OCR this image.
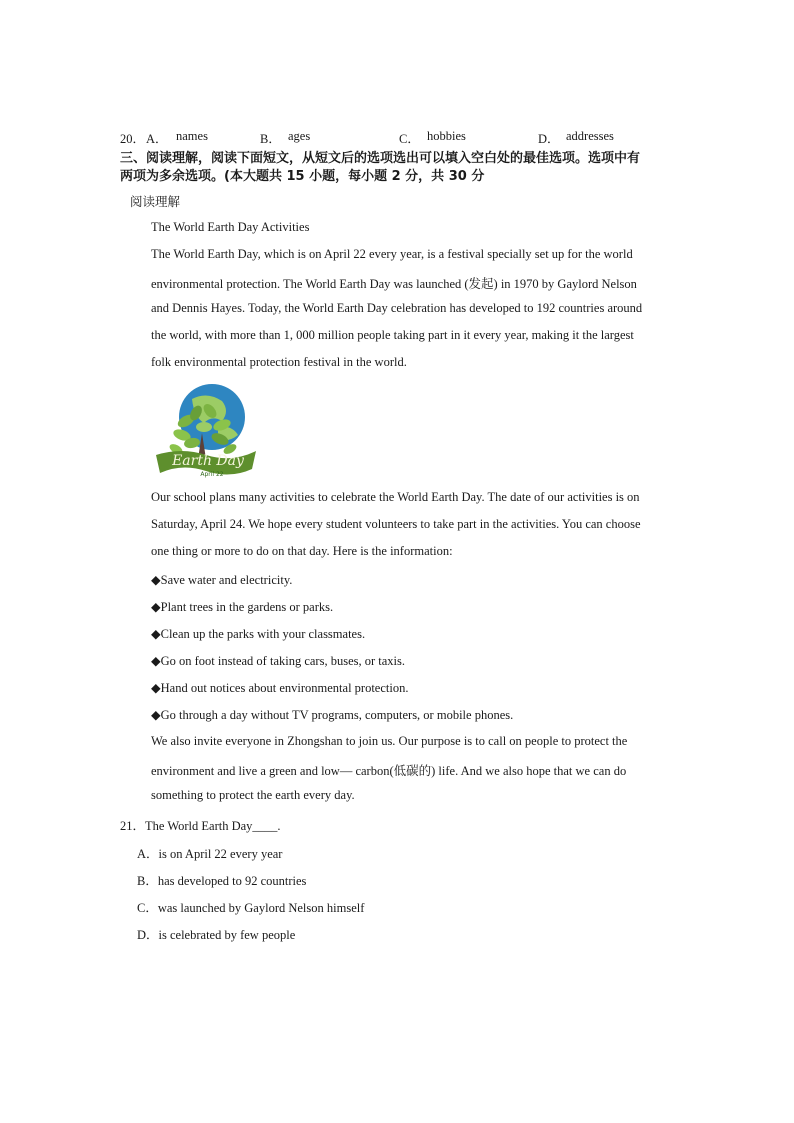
20． A． names	B． ages	C． hobbies	D． addresses
三、阅读理解，阅读下面短文，从短文后的选项选出可以填入空白处的最佳选项。选项中有
两项为多余选项。(本大题共 15 小题，每小题 2 分，共 30 分
阅读理解
The World Earth Day Activities
The World Earth Day, which is on April 22 every year, is a festival specially set up for the world
environmental protection. The World Earth Day was launched (发起) in 1970 by Gaylord Nelson
and Dennis Hayes. Today, the World Earth Day celebration has developed to 192 countries around
the world, with more than 1, 000 million people taking part in it every year, making it the largest
folk environmental protection festival in the world.
Earth Day
April 22
Our school plans many activities to celebrate the World Earth Day. The date of our activities is on
Saturday, April 24. We hope every student volunteers to take part in the activities. You can choose
one thing or more to do on that day. Here is the information:
◆Save water and electricity.
◆Plant trees in the gardens or parks.
◆Clean up the parks with your classmates.
◆Go on foot instead of taking cars, buses, or taxis.
◆Hand out notices about environmental protection.
◆Go through a day without TV programs, computers, or mobile phones.
We also invite everyone in Zhongshan to join us. Our purpose is to call on people to protect the
environment and live a green and low— carbon(低碳的) life. And we also hope that we can do
something to protect the earth every day.
21．The World Earth Day____.
A．is on April 22 every year
B．has developed to 92 countries
C．was launched by Gaylord Nelson himself
D．is celebrated by few people
